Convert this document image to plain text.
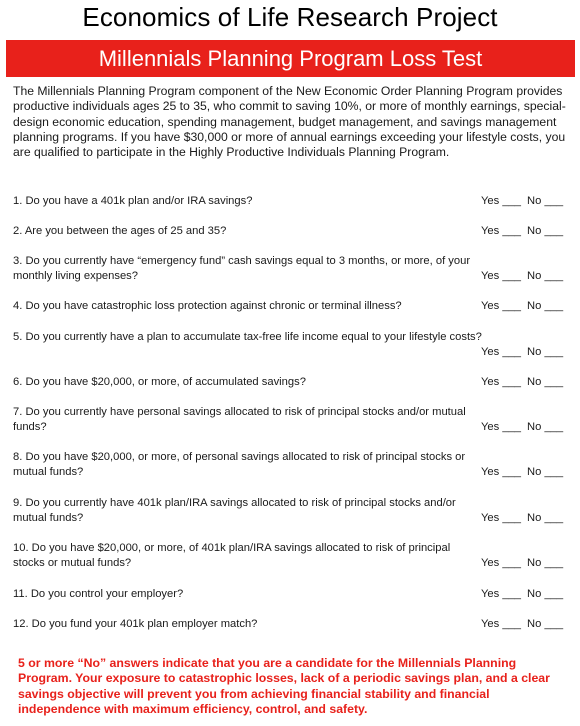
Economics of Life Research Project
Millennials Planning Program Loss Test
The Millennials Planning Program component of the New Economic Order Planning Program provides productive individuals ages 25 to 35, who commit to saving 10%, or more of monthly earnings, special-design economic education, spending management, budget management, and savings management planning programs. If you have $30,000 or more of annual earnings exceeding your lifestyle costs, you are qualified to participate in the Highly Productive Individuals Planning Program.
1. Do you have a 401k plan and/or IRA savings?	Yes ___ No ___
2. Are you between the ages of 25 and 35?	Yes ___ No ___
3. Do you currently have “emergency fund” cash savings equal to 3 months, or more, of your monthly living expenses?	Yes ___ No ___
4. Do you have catastrophic loss protection against chronic or terminal illness?	Yes ___ No ___
5. Do you currently have a plan to accumulate tax-free life income equal to your lifestyle costs?
Yes ___ No ___
6. Do you have $20,000, or more, of accumulated savings?	Yes ___ No ___
7. Do you currently have personal savings allocated to risk of principal stocks and/or mutual funds?	Yes ___ No ___
8. Do you have $20,000, or more, of personal savings allocated to risk of principal stocks or mutual funds?	Yes ___ No ___
9. Do you currently have 401k plan/IRA savings allocated to risk of principal stocks and/or mutual funds?	Yes ___ No ___
10. Do you have $20,000, or more, of 401k plan/IRA savings allocated to risk of principal stocks or mutual funds?	Yes ___ No ___
11. Do you control your employer?	Yes ___ No ___
12. Do you fund your 401k plan employer match?	Yes ___ No ___
5 or more “No” answers indicate that you are a candidate for the Millennials Planning Program. Your exposure to catastrophic losses, lack of a periodic savings plan, and a clear savings objective will prevent you from achieving financial stability and financial independence with maximum efficiency, control, and safety.
